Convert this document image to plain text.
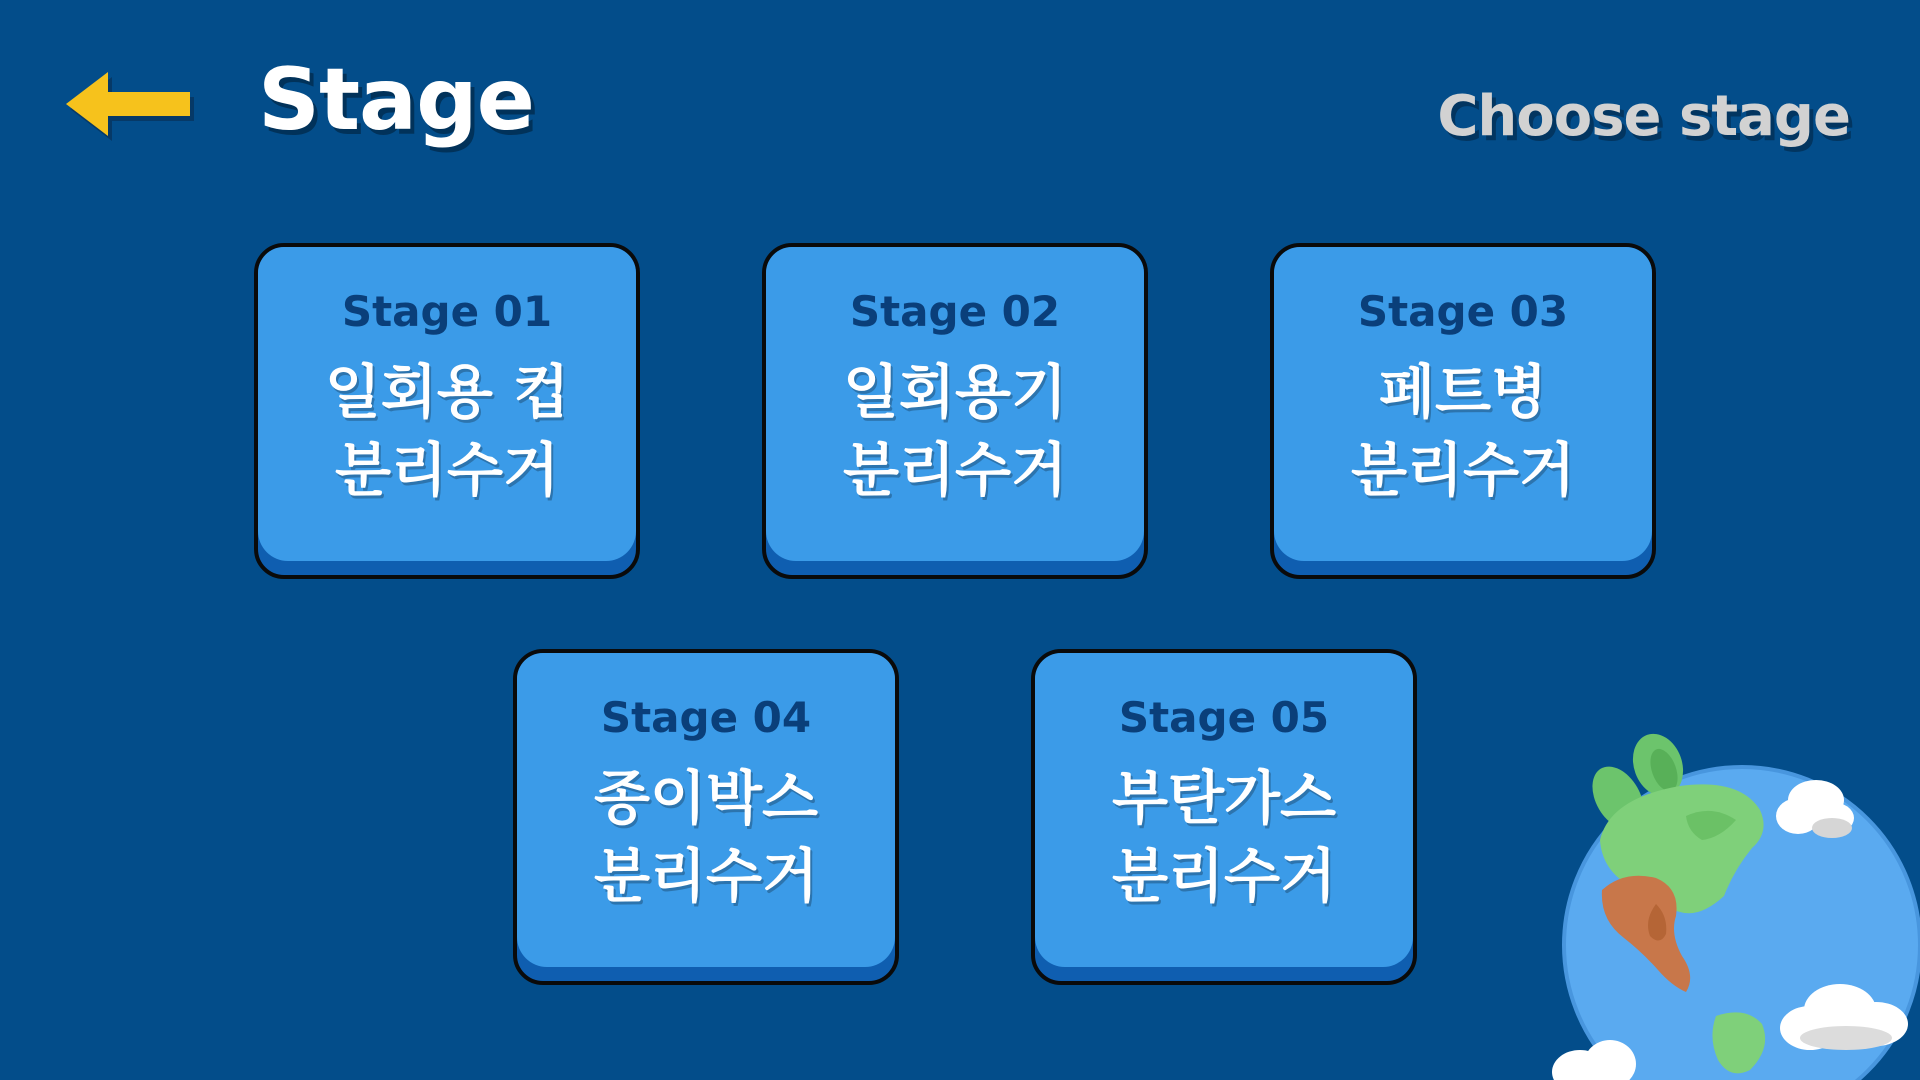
Stage	Choose stage
Stage 01
일회용 컵
분리수거
Stage 02
일회용기
분리수거
Stage 03
페트병
분리수거
Stage 04
종이박스
분리수거
Stage 05
부탄가스
분리수거
